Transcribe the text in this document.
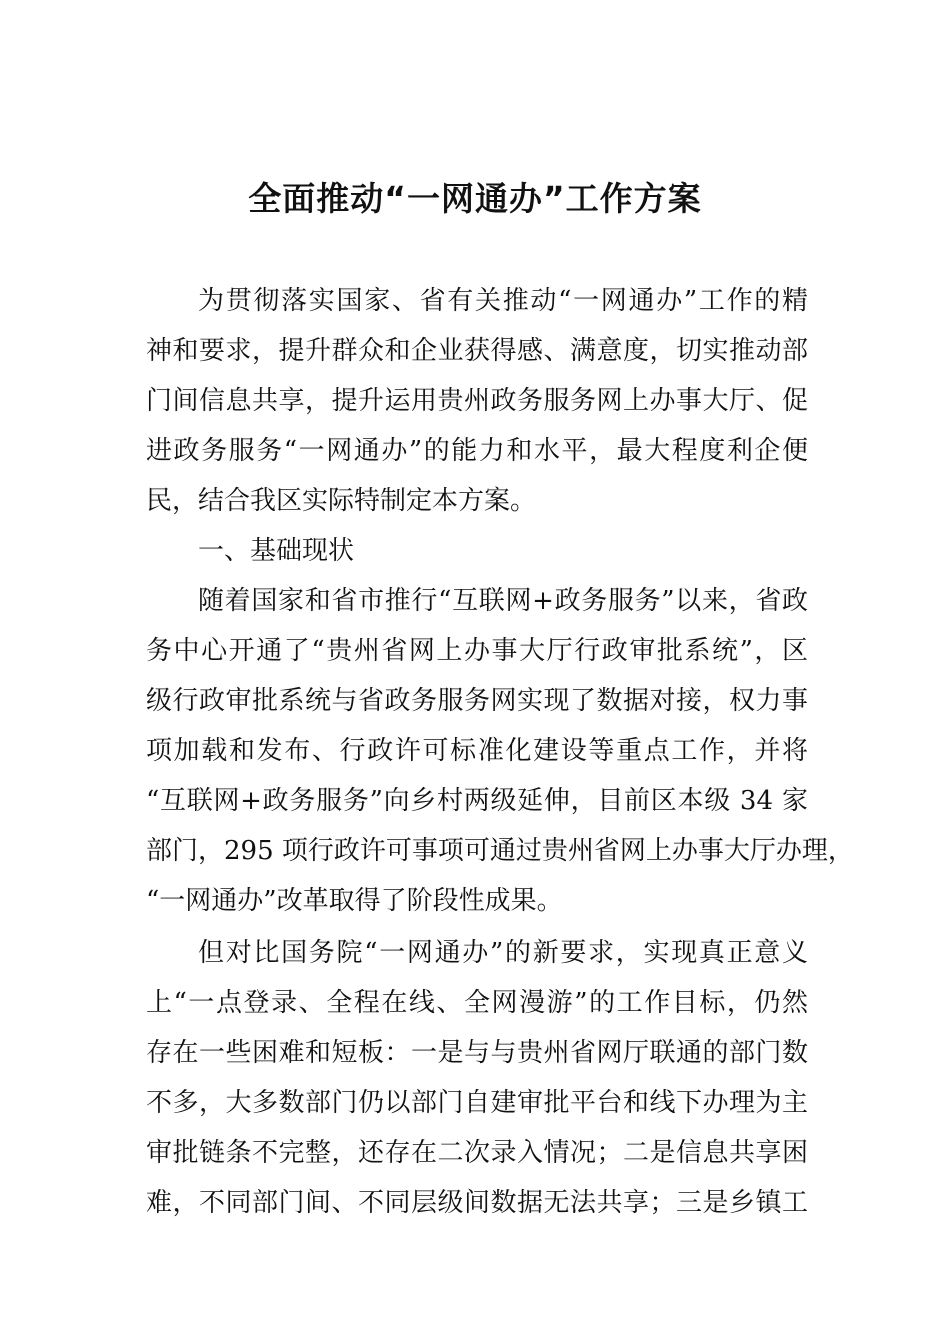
全面推动“一网通办”工作方案
为贯彻落实国家、省有关推动“一网通办”工作的精
神和要求，提升群众和企业获得感、满意度，切实推动部
门间信息共享，提升运用贵州政务服务网上办事大厅、促
进政务服务“一网通办”的能力和水平，最大程度利企便
民，结合我区实际特制定本方案。
一、基础现状
随着国家和省市推行“互联网+政务服务”以来，省政
务中心开通了“贵州省网上办事大厅行政审批系统”，区
级行政审批系统与省政务服务网实现了数据对接，权力事
项加载和发布、行政许可标准化建设等重点工作，并将
“互联网+政务服务”向乡村两级延伸，目前区本级 34 家
部门，295 项行政许可事项可通过贵州省网上办事大厅办理，
“一网通办”改革取得了阶段性成果。
但对比国务院“一网通办”的新要求，实现真正意义
上“一点登录、全程在线、全网漫游”的工作目标，仍然
存在一些困难和短板：一是与与贵州省网厅联通的部门数
不多，大多数部门仍以部门自建审批平台和线下办理为主
审批链条不完整，还存在二次录入情况；二是信息共享困
难，不同部门间、不同层级间数据无法共享；三是乡镇工
